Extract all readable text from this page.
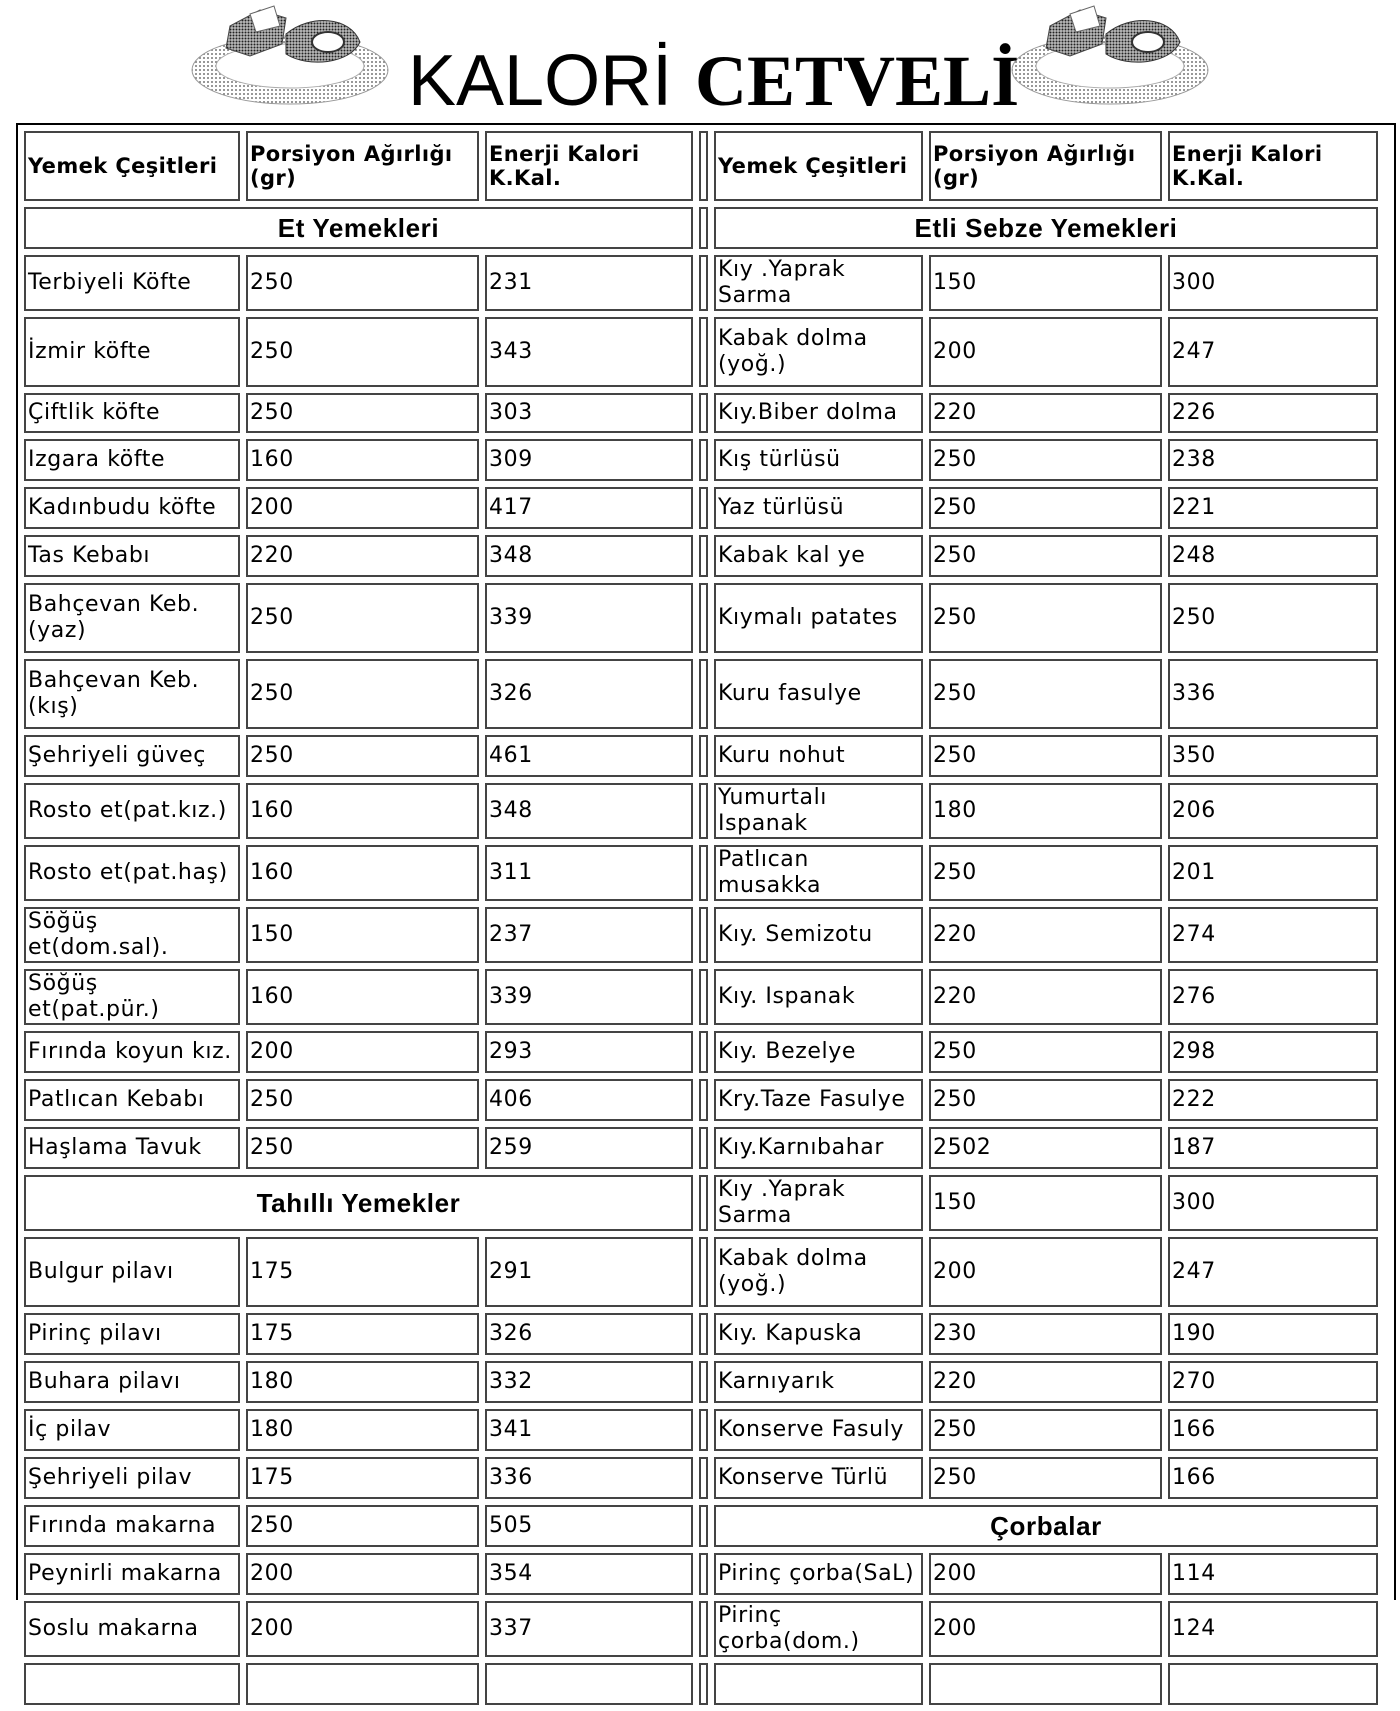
KALORİ CETVELİ
Yemek Çeşitleri	Porsiyon Ağırlığı (gr)	Enerji Kalori K.Kal.		Yemek Çeşitleri	Porsiyon Ağırlığı (gr)	Enerji Kalori K.Kal.
Et Yemekleri				Etli Sebze Yemekleri		
Terbiyeli Köfte	250	231		Kıy .Yaprak Sarma	150	300
İzmir köfte	250	343		Kabak dolma (yoğ.)	200	247
Çiftlik köfte	250	303		Kıy.Biber dolma	220	226
Izgara köfte	160	309		Kış türlüsü	250	238
Kadınbudu köfte	200	417		Yaz türlüsü	250	221
Tas Kebabı	220	348		Kabak kal ye	250	248
Bahçevan Keb. (yaz)	250	339		Kıymalı patates	250	250
Bahçevan Keb. (kış)	250	326		Kuru fasulye	250	336
Şehriyeli güveç	250	461		Kuru nohut	250	350
Rosto et(pat.kız.)	160	348		Yumurtalı Ispanak	180	206
Rosto et(pat.haş)	160	311		Patlıcan musakka	250	201
Söğüş et(dom.sal).	150	237		Kıy. Semizotu	220	274
Söğüş et(pat.pür.)	160	339		Kıy. Ispanak	220	276
Fırında koyun kız.	200	293		Kıy. Bezelye	250	298
Patlıcan Kebabı	250	406		Kry.Taze Fasulye	250	222
Haşlama Tavuk	250	259		Kıy.Karnıbahar	2502	187
Tahıllı Yemekler				Kıy .Yaprak Sarma	150	300
Bulgur pilavı	175	291		Kabak dolma (yoğ.)	200	247
Pirinç pilavı	175	326		Kıy. Kapuska	230	190
Buhara pilavı	180	332		Karnıyarık	220	270
İç pilav	180	341		Konserve Fasuly	250	166
Şehriyeli pilav	175	336		Konserve Türlü	250	166
Fırında makarna	250	505		Çorbalar		
Peynirli makarna	200	354		Pirinç çorba(SaL)	200	114
Soslu makarna	200	337		Pirinç çorba(dom.)	200	124
